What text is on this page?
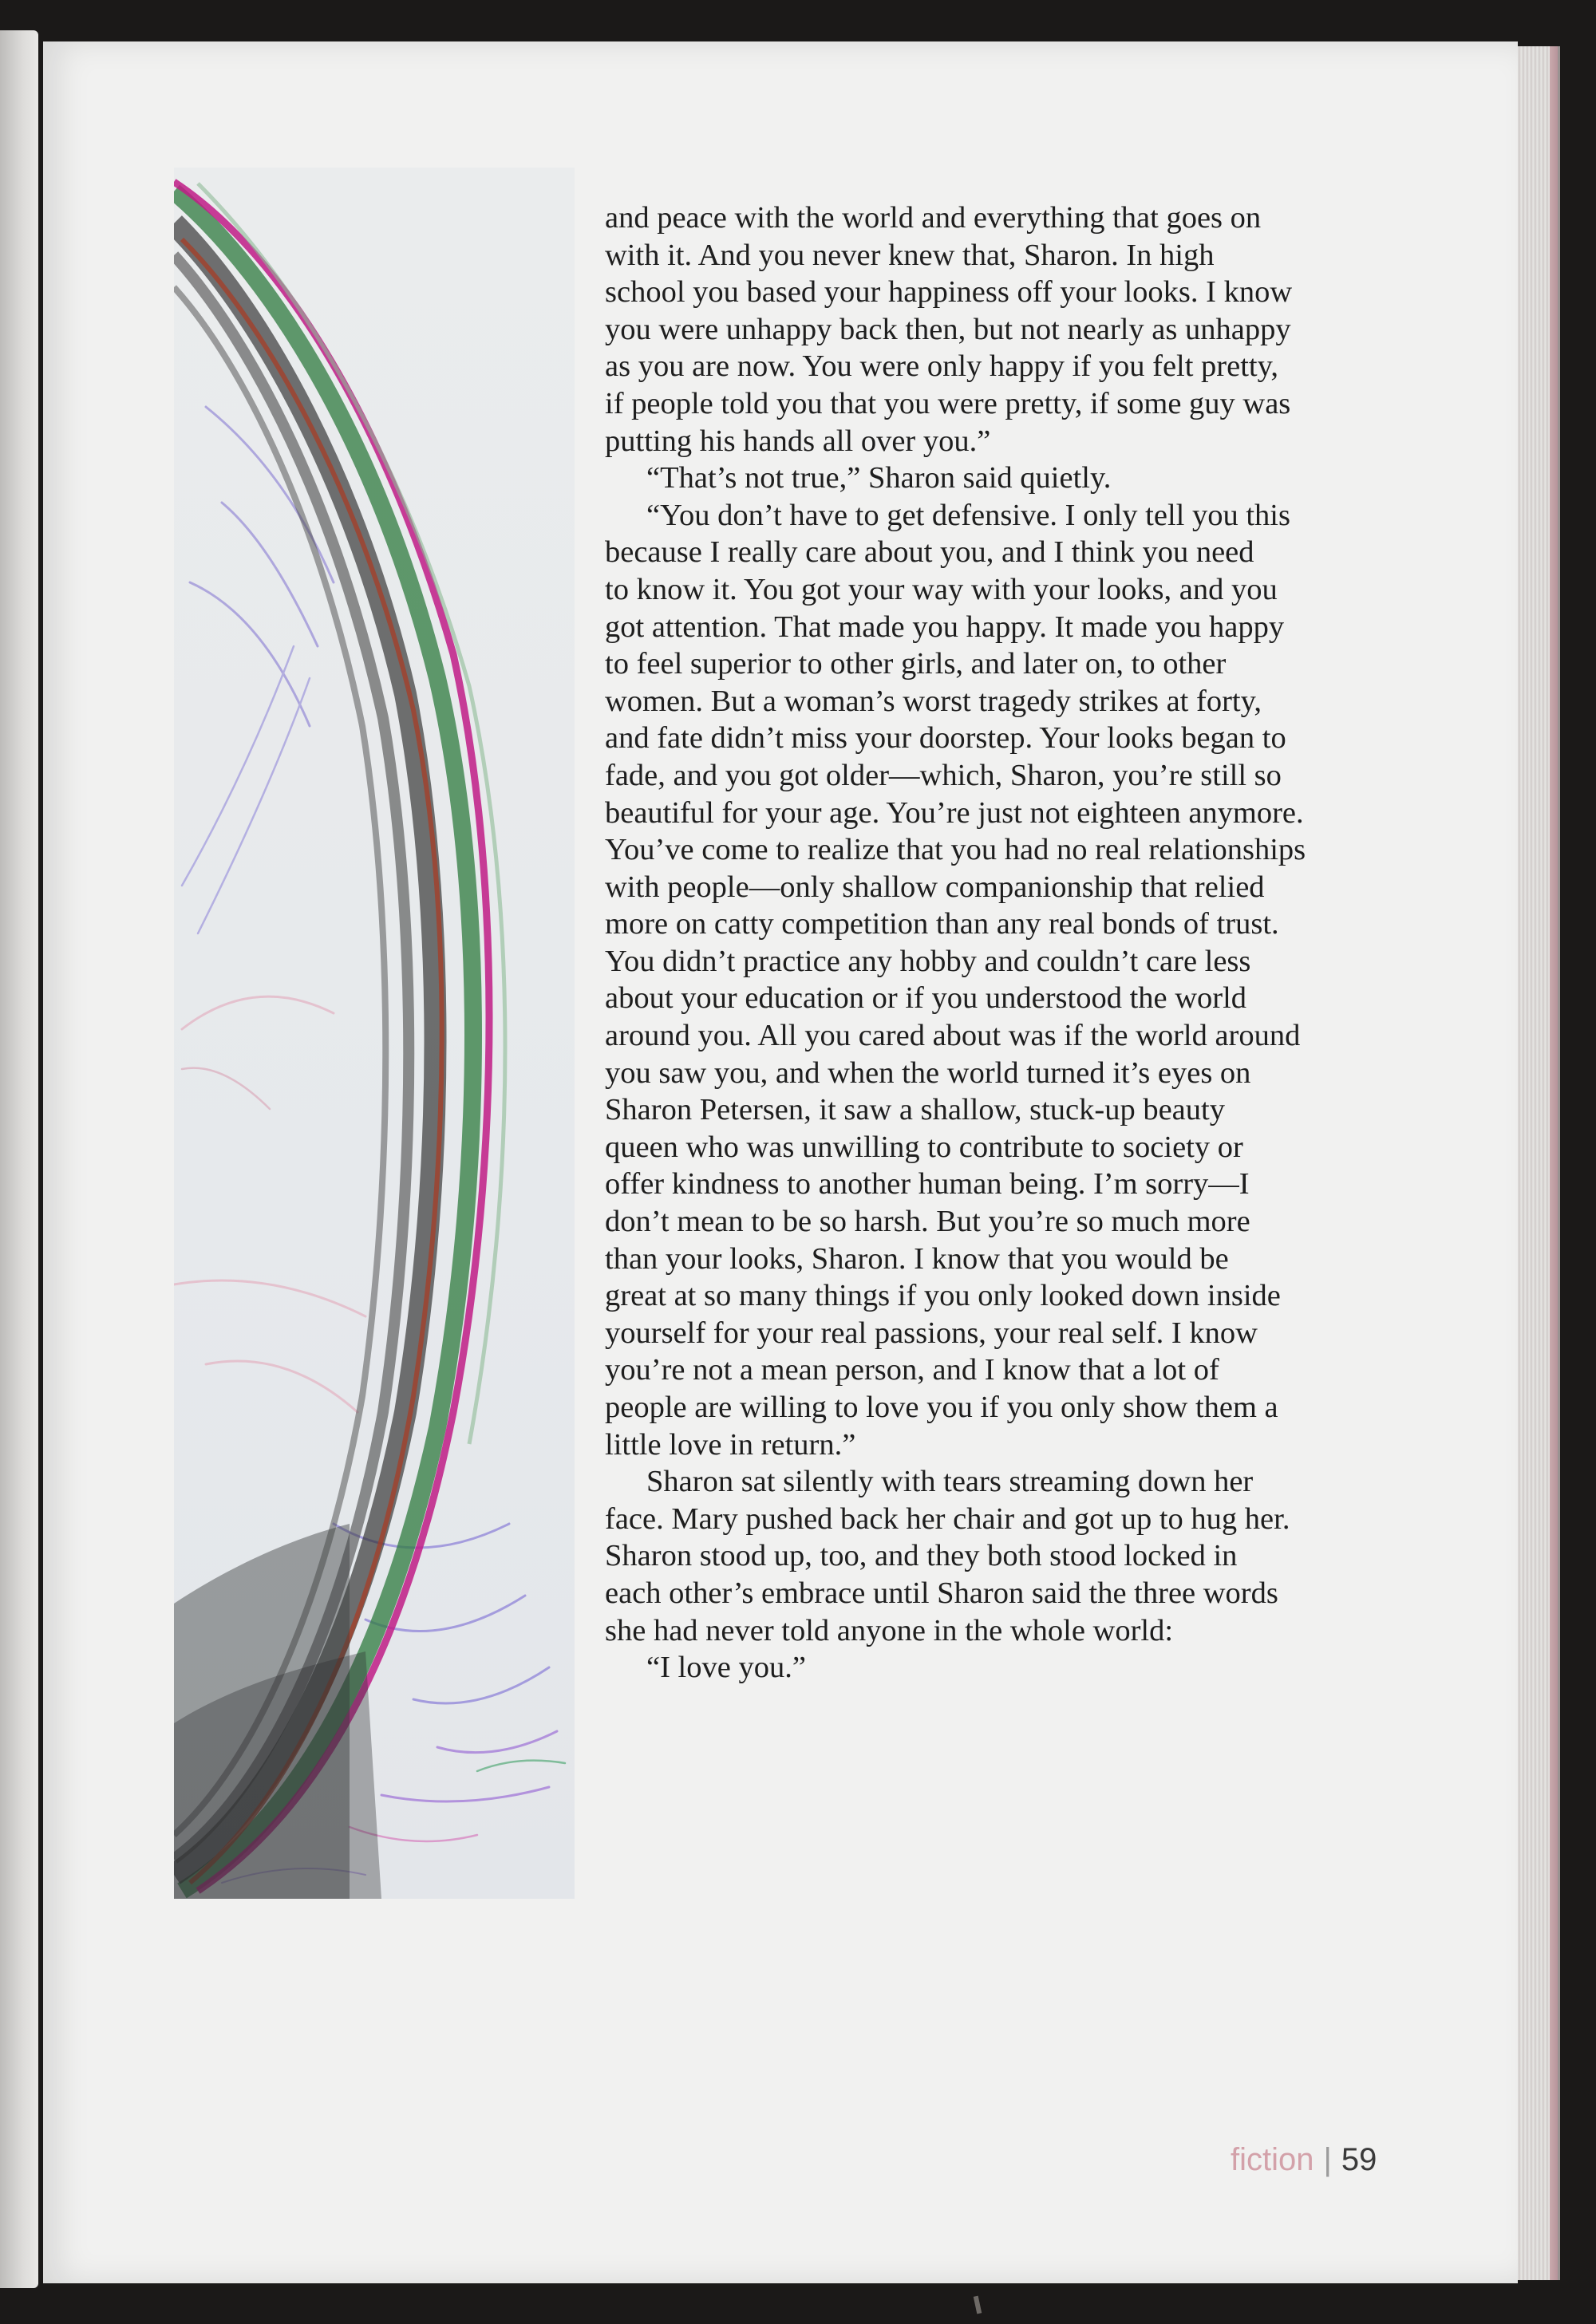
and peace with the world and everything that goes on
with it. And you never knew that, Sharon. In high
school you based your happiness off your looks. I know
you were unhappy back then, but not nearly as unhappy
as you are now. You were only happy if you felt pretty,
if people told you that you were pretty, if some guy was
putting his hands all over you.”

“That’s not true,” Sharon said quietly.

“You don’t have to get defensive. I only tell you this
because I really care about you, and I think you need
to know it. You got your way with your looks, and you
got attention. That made you happy. It made you happy
to feel superior to other girls, and later on, to other
women. But a woman’s worst tragedy strikes at forty,
and fate didn’t miss your doorstep. Your looks began to
fade, and you got older—which, Sharon, you’re still so
beautiful for your age. You’re just not eighteen anymore.
You’ve come to realize that you had no real relationships
with people—only shallow companionship that relied
more on catty competition than any real bonds of trust.
You didn’t practice any hobby and couldn’t care less
about your education or if you understood the world
around you. All you cared about was if the world around
you saw you, and when the world turned it’s eyes on
Sharon Petersen, it saw a shallow, stuck-up beauty
queen who was unwilling to contribute to society or
offer kindness to another human being. I’m sorry—I
don’t mean to be so harsh. But you’re so much more
than your looks, Sharon. I know that you would be
great at so many things if you only looked down inside
yourself for your real passions, your real self. I know
you’re not a mean person, and I know that a lot of
people are willing to love you if you only show them a
little love in return.”

Sharon sat silently with tears streaming down her
face. Mary pushed back her chair and got up to hug her.
Sharon stood up, too, and they both stood locked in
each other’s embrace until Sharon said the three words
she had never told anyone in the whole world:

“I love you.”

fiction | 59
